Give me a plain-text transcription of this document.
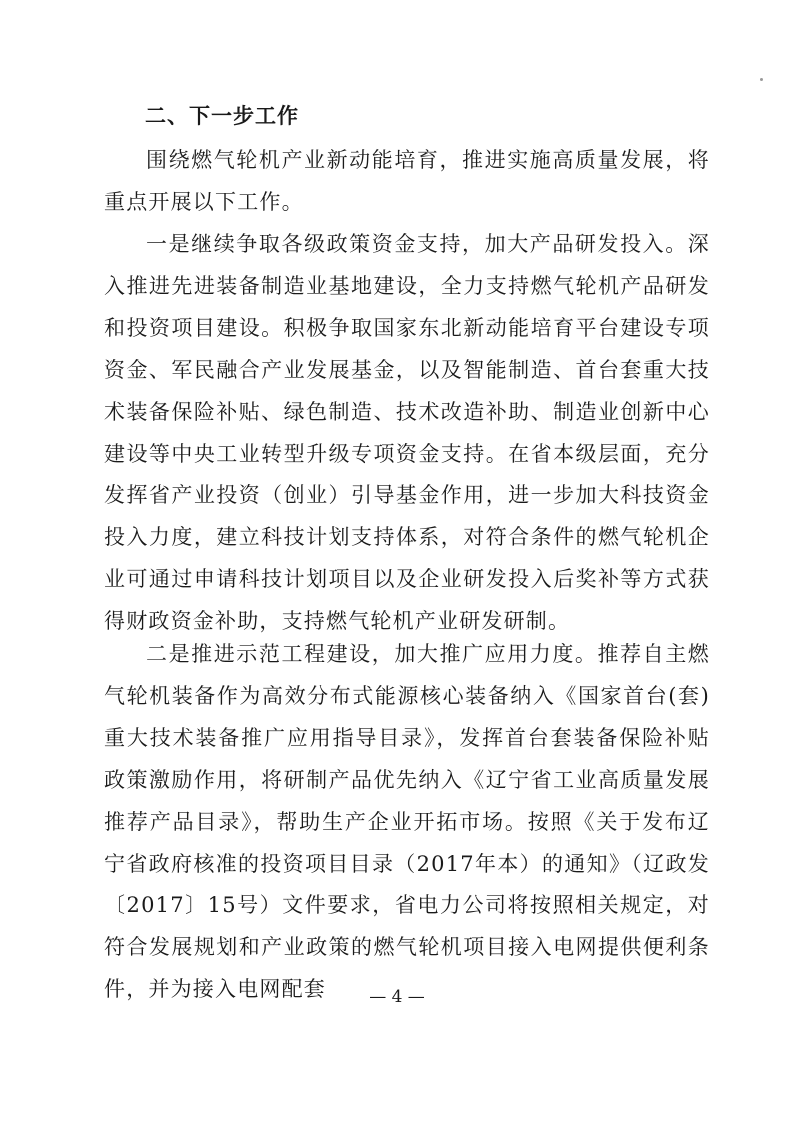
二、下一步工作

围绕燃气轮机产业新动能培育，推进实施高质量发展，将重点开展以下工作。

一是继续争取各级政策资金支持，加大产品研发投入。深入推进先进装备制造业基地建设，全力支持燃气轮机产品研发和投资项目建设。积极争取国家东北新动能培育平台建设专项资金、军民融合产业发展基金，以及智能制造、首台套重大技术装备保险补贴、绿色制造、技术改造补助、制造业创新中心建设等中央工业转型升级专项资金支持。在省本级层面，充分发挥省产业投资（创业）引导基金作用，进一步加大科技资金投入力度，建立科技计划支持体系，对符合条件的燃气轮机企业可通过申请科技计划项目以及企业研发投入后奖补等方式获得财政资金补助，支持燃气轮机产业研发研制。

二是推进示范工程建设，加大推广应用力度。推荐自主燃气轮机装备作为高效分布式能源核心装备纳入《国家首台(套)重大技术装备推广应用指导目录》，发挥首台套装备保险补贴政策激励作用，将研制产品优先纳入《辽宁省工业高质量发展推荐产品目录》，帮助生产企业开拓市场。按照《关于发布辽宁省政府核准的投资项目目录（2017年本）的通知》（辽政发〔2017〕15号）文件要求，省电力公司将按照相关规定，对符合发展规划和产业政策的燃气轮机项目接入电网提供便利条件，并为接入电网配套	— 4 —
